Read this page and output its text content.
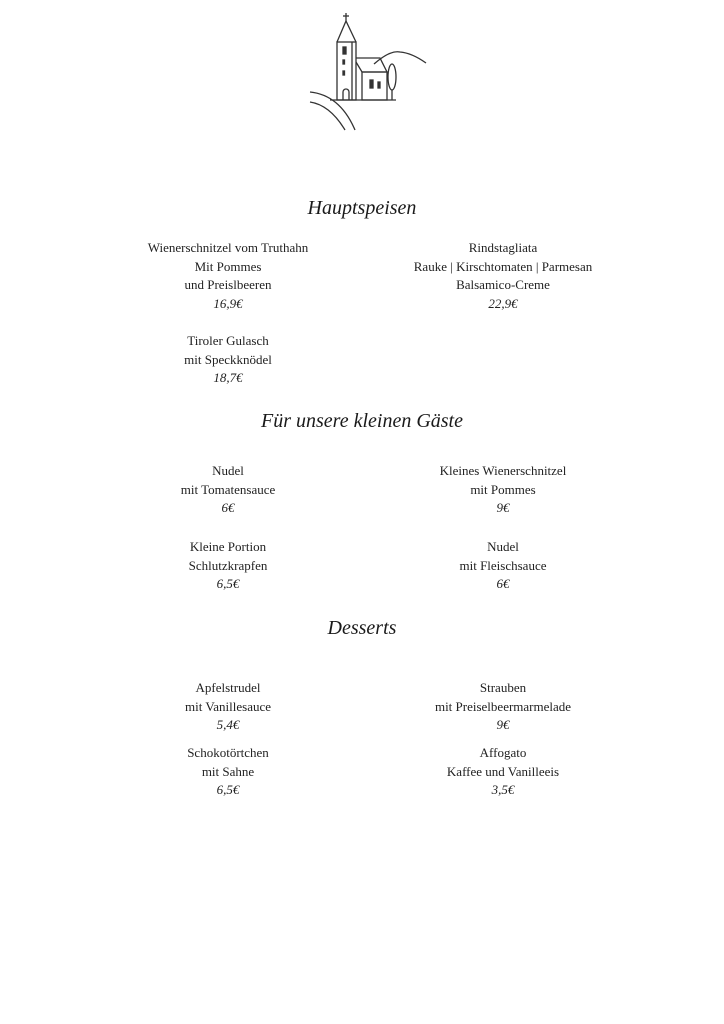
Hauptspeisen
Wienerschnitzel vom Truthahn
Mit Pommes
und Preislbeeren
16,9€
Rindstagliata
Rauke | Kirschtomaten | Parmesan
Balsamico-Creme
22,9€
Tiroler Gulasch
mit Speckknödel
18,7€
Für unsere kleinen Gäste
Nudel
mit Tomatensauce
6€
Kleines Wienerschnitzel
mit Pommes
9€
Kleine Portion
Schlutzkrapfen
6,5€
Nudel
mit Fleischsauce
6€
Desserts
Apfelstrudel
mit Vanillesauce
5,4€
Strauben
mit Preiselbeermarmelade
9€
Schokotörtchen
mit Sahne
6,5€
Affogato
Kaffee und Vanilleeis
3,5€
